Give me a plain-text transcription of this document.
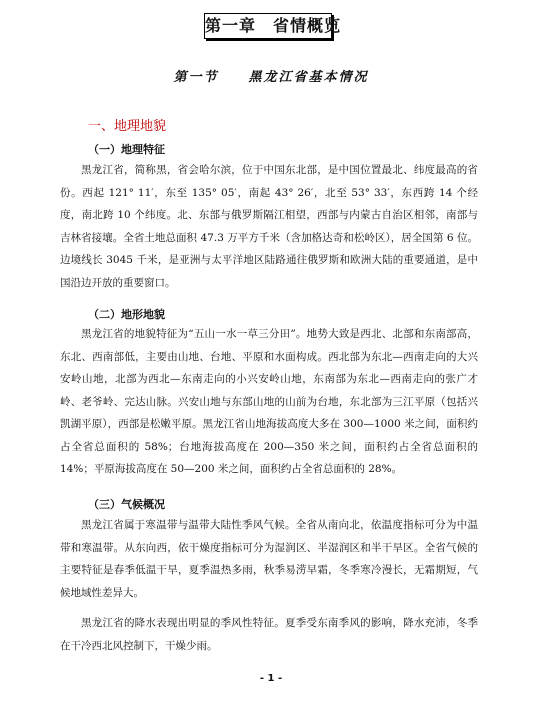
第一章　省情概览
第一节　　黑龙江省基本情况
一、地理地貌
（一）地理特征

黑龙江省，简称黑，省会哈尔滨，位于中国东北部，是中国位置最北、纬度最高的省份。西起 121° 11′，东至 135° 05′，南起 43° 26′，北至 53° 33′，东西跨 14 个经度，南北跨 10 个纬度。北、东部与俄罗斯隔江相望，西部与内蒙古自治区相邻，南部与吉林省接壤。全省土地总面积 47.3 万平方千米（含加格达奇和松岭区），居全国第 6 位。边境线长 3045 千米，是亚洲与太平洋地区陆路通往俄罗斯和欧洲大陆的重要通道，是中国沿边开放的重要窗口。

（二）地形地貌

黑龙江省的地貌特征为“五山一水一草三分田”。地势大致是西北、北部和东南部高，东北、西南部低，主要由山地、台地、平原和水面构成。西北部为东北—西南走向的大兴安岭山地，北部为西北—东南走向的小兴安岭山地，东南部为东北—西南走向的张广才岭、老爷岭、完达山脉。兴安山地与东部山地的山前为台地，东北部为三江平原（包括兴凯湖平原），西部是松嫩平原。黑龙江省山地海拔高度大多在 300—1000 米之间，面积约占全省总面积的 58%；台地海拔高度在 200—350 米之间，面积约占全省总面积的 14%；平原海拔高度在 50—200 米之间，面积约占全省总面积的 28%。

（三）气候概况

黑龙江省属于寒温带与温带大陆性季风气候。全省从南向北，依温度指标可分为中温带和寒温带。从东向西，依干燥度指标可分为湿润区、半湿润区和半干旱区。全省气候的主要特征是春季低温干旱，夏季温热多雨，秋季易涝早霜，冬季寒冷漫长，无霜期短，气候地域性差异大。

黑龙江省的降水表现出明显的季风性特征。夏季受东南季风的影响，降水充沛，冬季在干冷西北风控制下，干燥少雨。

- 1 -
